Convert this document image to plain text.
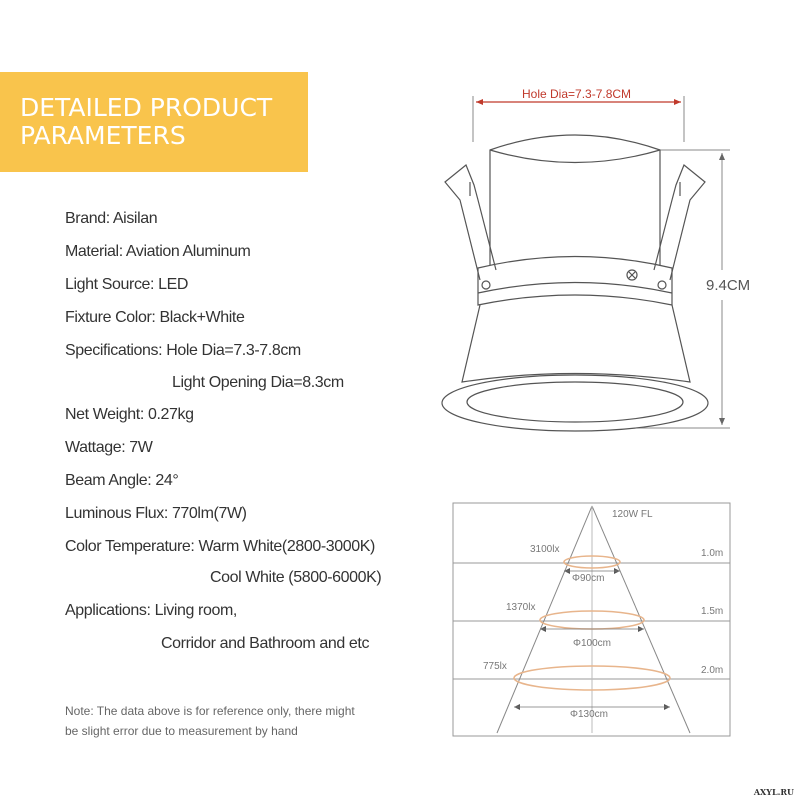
DETAILED PRODUCT
PARAMETERS
Brand: Aisilan
Material: Aviation Aluminum
Light Source: LED
Fixture Color: Black+White
Specifications: Hole Dia=7.3-7.8cm
Light Opening Dia=8.3cm
Net Weight: 0.27kg
Wattage: 7W
Beam Angle: 24°
Luminous Flux: 770lm(7W)
Color Temperature: Warm White(2800-3000K)
Cool White (5800-6000K)
Applications: Living room,
Corridor and Bathroom and etc
Note: The data above is for reference only, there might
be slight error due to measurement by hand
Hole Dia=7.3-7.8CM
9.4CM
120W FL
3100lx
Φ90cm
1.0m
1370lx
Φ100cm
1.5m
775lx
Φ130cm
2.0m
AXYL.RU
